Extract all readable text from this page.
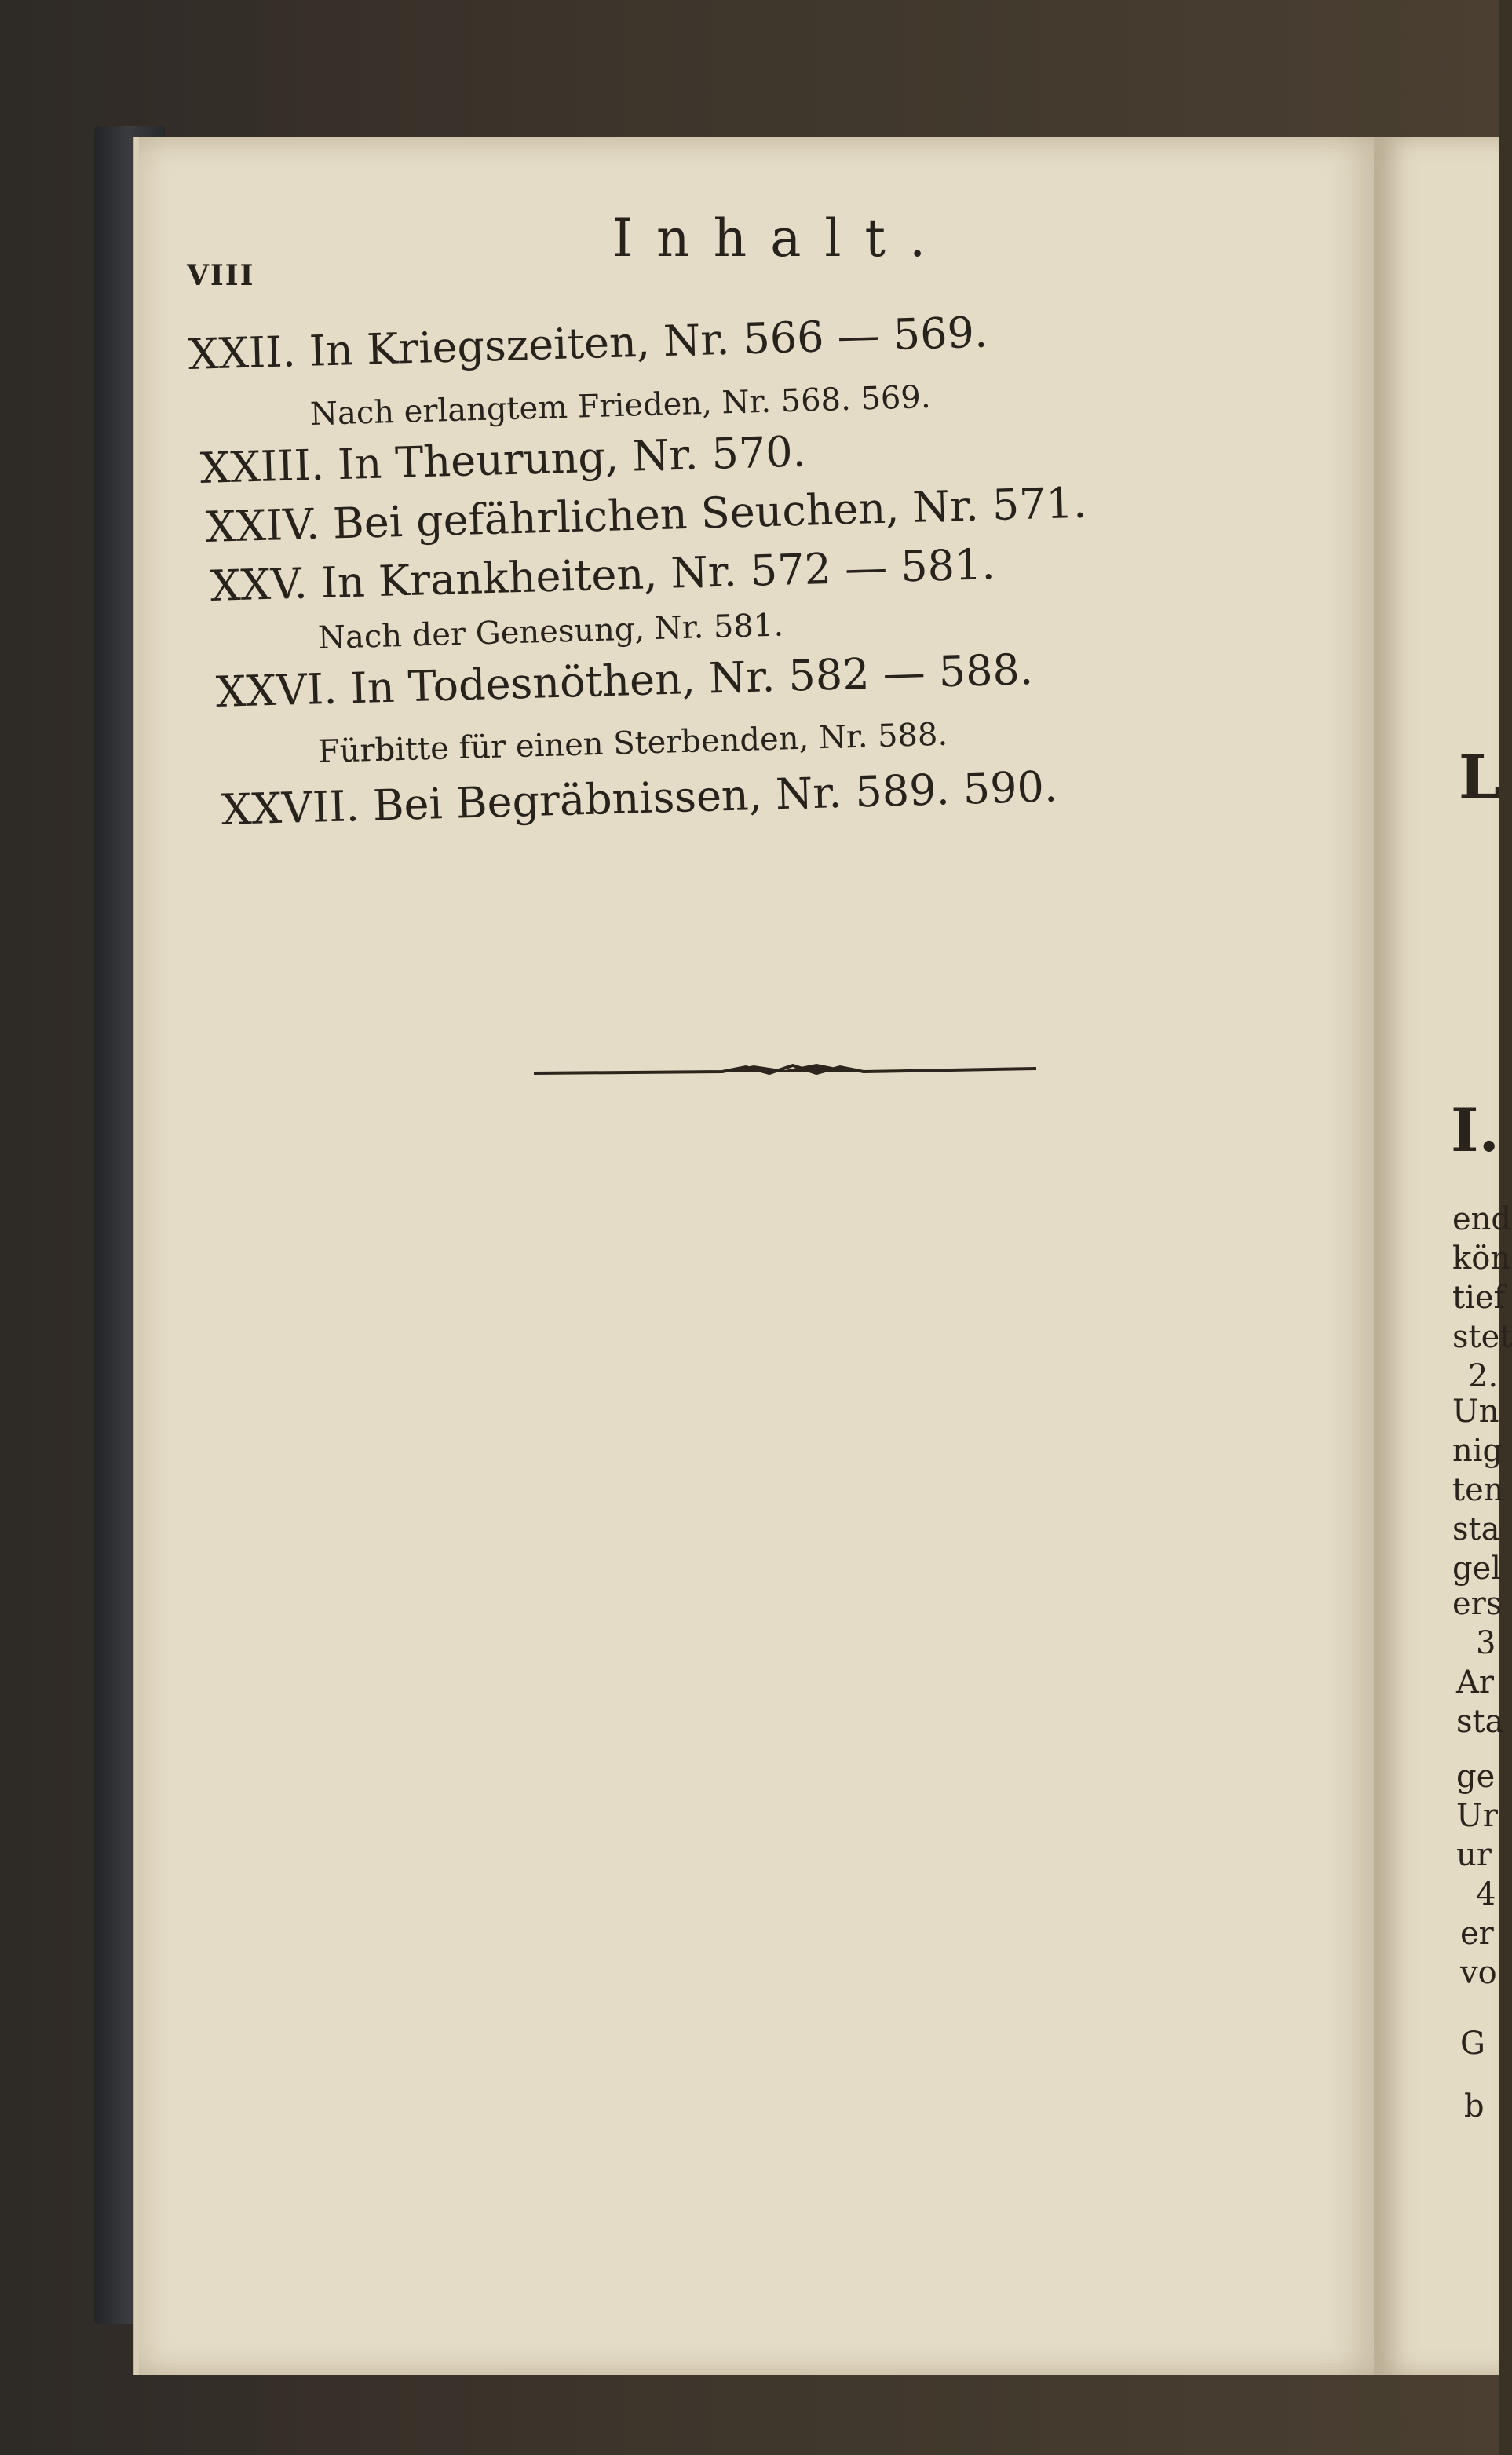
VIII
Inhalt.
XXII. In Kriegszeiten, Nr. 566 — 569.
Nach erlangtem Frieden, Nr. 568. 569.
XXIII. In Theurung, Nr. 570.
XXIV. Bei gefährlichen Seuchen, Nr. 571.
XXV. In Krankheiten, Nr. 572 — 581.
Nach der Genesung, Nr. 581.
XXVI. In Todesnöthen, Nr. 582 — 588.
Fürbitte für einen Sterbenden, Nr. 588.
XXVII. Bei Begräbnissen, Nr. 589. 590.	L
I.
end
kön
tief
stet
2.
Un
nig
ten
sta
gel
ers
3
Ar
sta
ge
Ur
ur
4
er
vo
G
b
